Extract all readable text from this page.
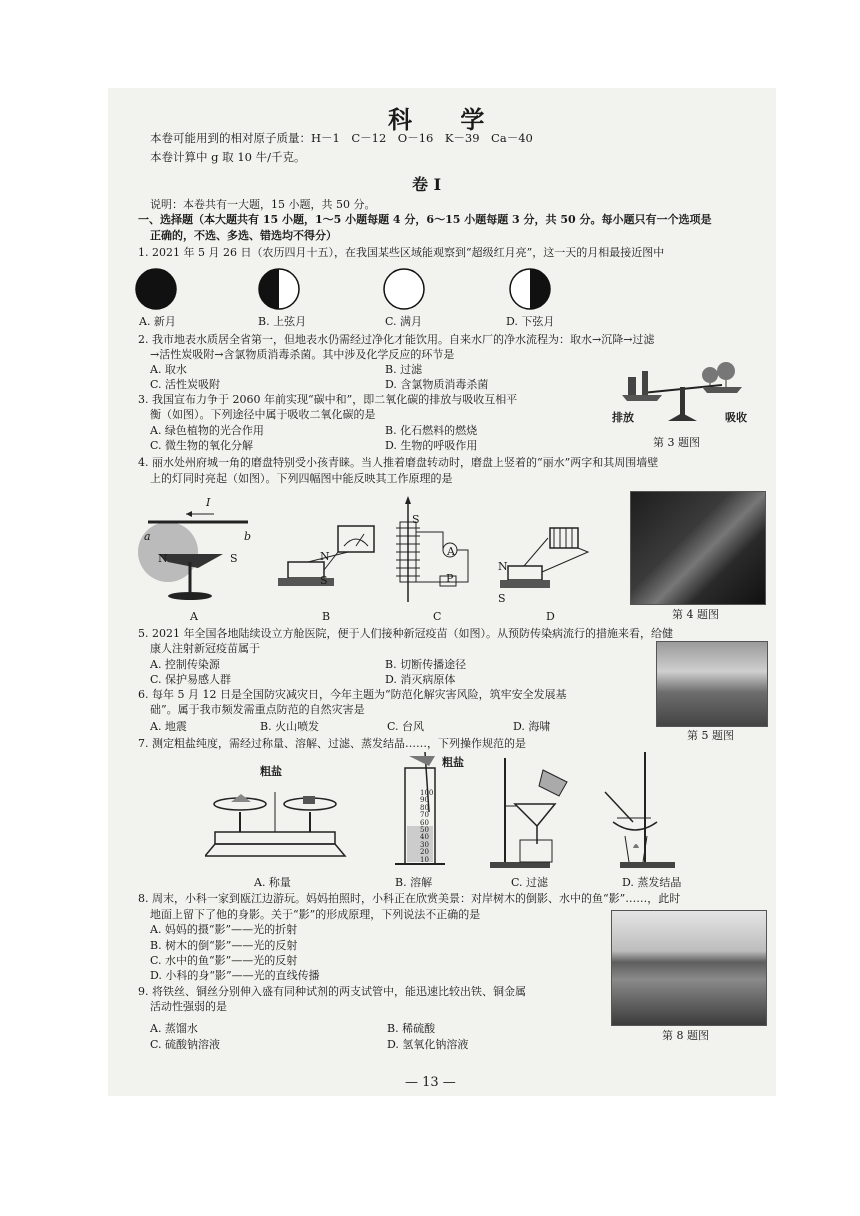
科 学
本卷可能用到的相对原子质量：H－1　C－12　O－16　K－39　Ca－40
本卷计算中 g 取 10 牛/千克。
卷 Ⅰ
说明：本卷共有一大题，15 小题，共 50 分。
一、选择题（本大题共有 15 小题，1～5 小题每题 4 分，6～15 小题每题 3 分，共 50 分。每小题只有一个选项是
正确的，不选、多选、错选均不得分）
1. 2021 年 5 月 26 日（农历四月十五），在我国某些区域能观察到“超级红月亮”，这一天的月相最接近图中
A. 新月	B. 上弦月	C. 满月	D. 下弦月
2. 我市地表水质居全省第一，但地表水仍需经过净化才能饮用。自来水厂的净水流程为：取水→沉降→过滤
→活性炭吸附→含氯物质消毒杀菌。其中涉及化学反应的环节是
A. 取水	B. 过滤
C. 活性炭吸附	D. 含氯物质消毒杀菌
3. 我国宣布力争于 2060 年前实现“碳中和”，即二氧化碳的排放与吸收互相平
衡（如图）。下列途径中属于吸收二氧化碳的是
A. 绿色植物的光合作用	B. 化石燃料的燃烧
C. 微生物的氧化分解	D. 生物的呼吸作用
排放	吸收
第 3 题图
4. 丽水处州府城一角的磨盘特别受小孩青睐。当人推着磨盘转动时，磨盘上竖着的“丽水”两字和其周围墙壁
上的灯同时亮起（如图）。下列四幅图中能反映其工作原理的是
I
a	b
N	S	N
S
S
A
P
N
S
A	B	C	D	第 4 题图
5. 2021 年全国各地陆续设立方舱医院，便于人们接种新冠疫苗（如图）。从预防传染病流行的措施来看，给健
康人注射新冠疫苗属于
A. 控制传染源	B. 切断传播途径
C. 保护易感人群	D. 消灭病原体
第 5 题图
6. 每年 5 月 12 日是全国防灾减灾日，今年主题为“防范化解灾害风险，筑牢安全发展基
础”。属于我市频发需重点防范的自然灾害是
A. 地震	B. 火山喷发	C. 台风	D. 海啸
7. 测定粗盐纯度，需经过称量、溶解、过滤、蒸发结晶……，下列操作规范的是
粗盐
粗盐
100
90
80
70
60
50
40
30
20
10
A. 称量	B. 溶解	C. 过滤	D. 蒸发结晶
8. 周末，小科一家到瓯江边游玩。妈妈拍照时，小科正在欣赏美景：对岸树木的倒影、水中的鱼“影”……，此时
地面上留下了他的身影。关于“影”的形成原理，下列说法不正确的是
A. 妈妈的摄“影”——光的折射
B. 树木的倒“影”——光的反射
C. 水中的鱼“影”——光的反射
D. 小科的身“影”——光的直线传播
第 8 题图
9. 将铁丝、铜丝分别伸入盛有同种试剂的两支试管中，能迅速比较出铁、铜金属
活动性强弱的是
A. 蒸馏水	B. 稀硫酸
C. 硫酸钠溶液	D. 氢氧化钠溶液
— 13 —
